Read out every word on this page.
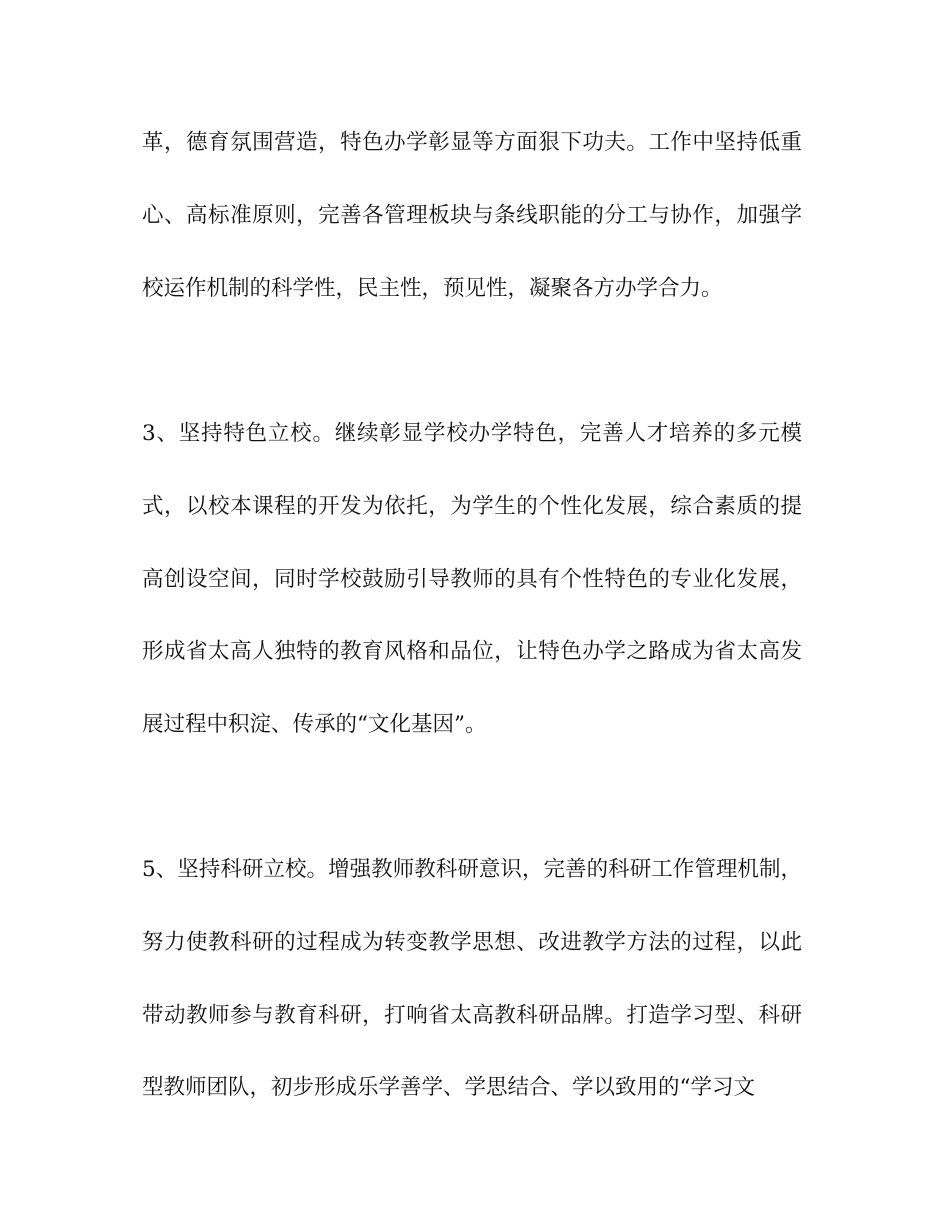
革，德育氛围营造，特色办学彰显等方面狠下功夫。工作中坚持低重
心、高标准原则，完善各管理板块与条线职能的分工与协作，加强学
校运作机制的科学性，民主性，预见性，凝聚各方办学合力。
3、坚持特色立校。继续彰显学校办学特色，完善人才培养的多元模
式，以校本课程的开发为依托，为学生的个性化发展，综合素质的提
高创设空间，同时学校鼓励引导教师的具有个性特色的专业化发展，
形成省太高人独特的教育风格和品位，让特色办学之路成为省太高发
展过程中积淀、传承的“文化基因”。
5、坚持科研立校。增强教师教科研意识，完善的科研工作管理机制，
努力使教科研的过程成为转变教学思想、改进教学方法的过程，以此
带动教师参与教育科研，打响省太高教科研品牌。打造学习型、科研
型教师团队，初步形成乐学善学、学思结合、学以致用的“学习文
